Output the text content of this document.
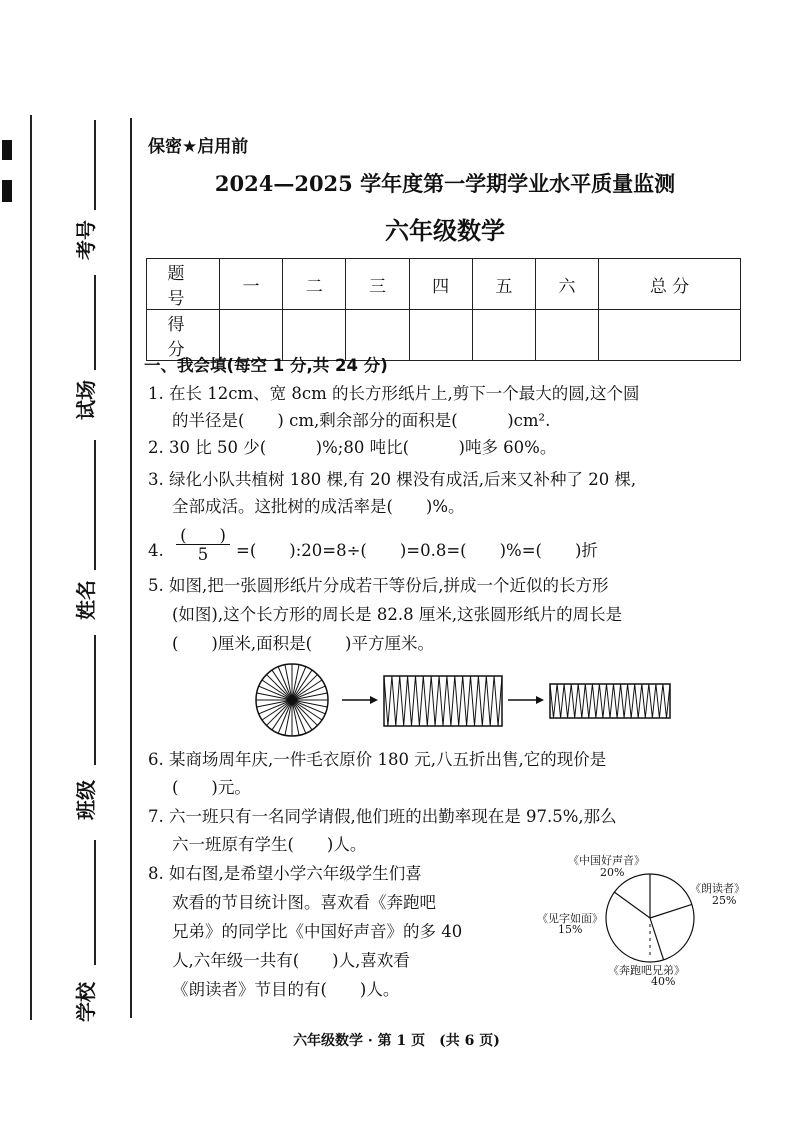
考号
试场
姓名
班级
学校
保密★启用前
2024—2025 学年度第一学期学业水平质量监测
六年级数学
题 号	一	二	三	四	五	六	总 分
得 分							
一、我会填(每空 1 分,共 24 分)
1. 在长 12cm、宽 8cm 的长方形纸片上,剪下一个最大的圆,这个圆
的半径是(　　) cm,剩余部分的面积是(　　　)cm².
2. 30 比 50 少(　　　)%;80 吨比(　　　)吨多 60%。
3. 绿化小队共植树 180 棵,有 20 棵没有成活,后来又补种了 20 棵,
全部成活。这批树的成活率是(　　)%。
4.
(　　)
5	=(　　):20=8÷(　　)=0.8=(　　)%=(　　)折
5. 如图,把一张圆形纸片分成若干等份后,拼成一个近似的长方形
(如图),这个长方形的周长是 82.8 厘米,这张圆形纸片的周长是
(　　)厘米,面积是(　　)平方厘米。
6. 某商场周年庆,一件毛衣原价 180 元,八五折出售,它的现价是
(　　)元。
7. 六一班只有一名同学请假,他们班的出勤率现在是 97.5%,那么
六一班原有学生(　　)人。
8. 如右图,是希望小学六年级学生们喜
欢看的节目统计图。喜欢看《奔跑吧
兄弟》的同学比《中国好声音》的多 40
人,六年级一共有(　　)人,喜欢看
《朗读者》节目的有(　　)人。
《中国好声音》
20%
《朗读者》
25%
《见字如面》
15%
《奔跑吧兄弟》
40%
六年级数学 · 第 1 页　(共 6 页)
